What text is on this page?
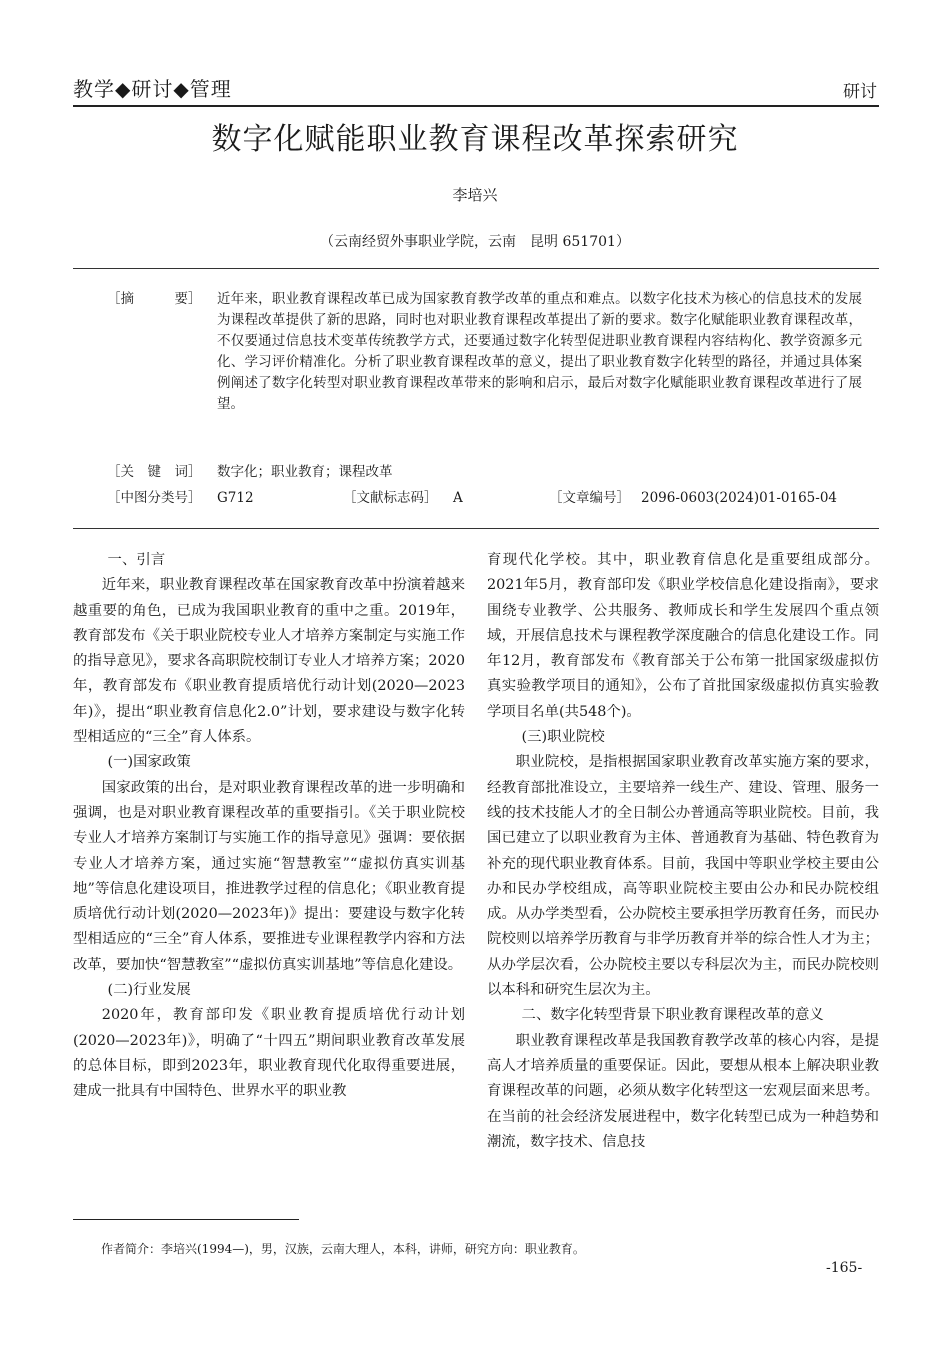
教学◆研讨◆管理	研讨
数字化赋能职业教育课程改革探索研究
李培兴
（云南经贸外事职业学院，云南　昆明 651701）
［摘　　　要］	近年来，职业教育课程改革已成为国家教育教学改革的重点和难点。以数字化技术为核心的信息技术的发展为课程改革提供了新的思路，同时也对职业教育课程改革提出了新的要求。数字化赋能职业教育课程改革，不仅要通过信息技术变革传统教学方式，还要通过数字化转型促进职业教育课程内容结构化、教学资源多元化、学习评价精准化。分析了职业教育课程改革的意义，提出了职业教育数字化转型的路径，并通过具体案例阐述了数字化转型对职业教育课程改革带来的影响和启示，最后对数字化赋能职业教育课程改革进行了展望。
［关　键　词］ 数字化；职业教育；课程改革
［中图分类号］ G712	［文献标志码］ A	［文章编号］ 2096-0603(2024)01-0165-04

一、引言

近年来，职业教育课程改革在国家教育改革中扮演着越来越重要的角色，已成为我国职业教育的重中之重。2019年，教育部发布《关于职业院校专业人才培养方案制定与实施工作的指导意见》，要求各高职院校制订专业人才培养方案；2020年，教育部发布《职业教育提质培优行动计划(2020—2023年)》，提出“职业教育信息化2.0”计划，要求建设与数字化转型相适应的“三全”育人体系。

(一)国家政策

国家政策的出台，是对职业教育课程改革的进一步明确和强调，也是对职业教育课程改革的重要指引。《关于职业院校专业人才培养方案制订与实施工作的指导意见》强调：要依据专业人才培养方案，通过实施“智慧教室”“虚拟仿真实训基地”等信息化建设项目，推进教学过程的信息化；《职业教育提质培优行动计划(2020—2023年)》提出：要建设与数字化转型相适应的“三全”育人体系，要推进专业课程教学内容和方法改革，要加快“智慧教室”“虚拟仿真实训基地”等信息化建设。

(二)行业发展

2020年，教育部印发《职业教育提质培优行动计划(2020—2023年)》，明确了“十四五”期间职业教育改革发展的总体目标，即到2023年，职业教育现代化取得重要进展，建成一批具有中国特色、世界水平的职业教

育现代化学校。其中，职业教育信息化是重要组成部分。2021年5月，教育部印发《职业学校信息化建设指南》，要求围绕专业教学、公共服务、教师成长和学生发展四个重点领域，开展信息技术与课程教学深度融合的信息化建设工作。同年12月，教育部发布《教育部关于公布第一批国家级虚拟仿真实验教学项目的通知》，公布了首批国家级虚拟仿真实验教学项目名单(共548个)。

(三)职业院校

职业院校，是指根据国家职业教育改革实施方案的要求，经教育部批准设立，主要培养一线生产、建设、管理、服务一线的技术技能人才的全日制公办普通高等职业院校。目前，我国已建立了以职业教育为主体、普通教育为基础、特色教育为补充的现代职业教育体系。目前，我国中等职业学校主要由公办和民办学校组成，高等职业院校主要由公办和民办院校组成。从办学类型看，公办院校主要承担学历教育任务，而民办院校则以培养学历教育与非学历教育并举的综合性人才为主；从办学层次看，公办院校主要以专科层次为主，而民办院校则以本科和研究生层次为主。

二、数字化转型背景下职业教育课程改革的意义

职业教育课程改革是我国教育教学改革的核心内容，是提高人才培养质量的重要保证。因此，要想从根本上解决职业教育课程改革的问题，必须从数字化转型这一宏观层面来思考。在当前的社会经济发展进程中，数字化转型已成为一种趋势和潮流，数字技术、信息技

作者简介：李培兴(1994—)，男，汉族，云南大理人，本科，讲师，研究方向：职业教育。
-165-
